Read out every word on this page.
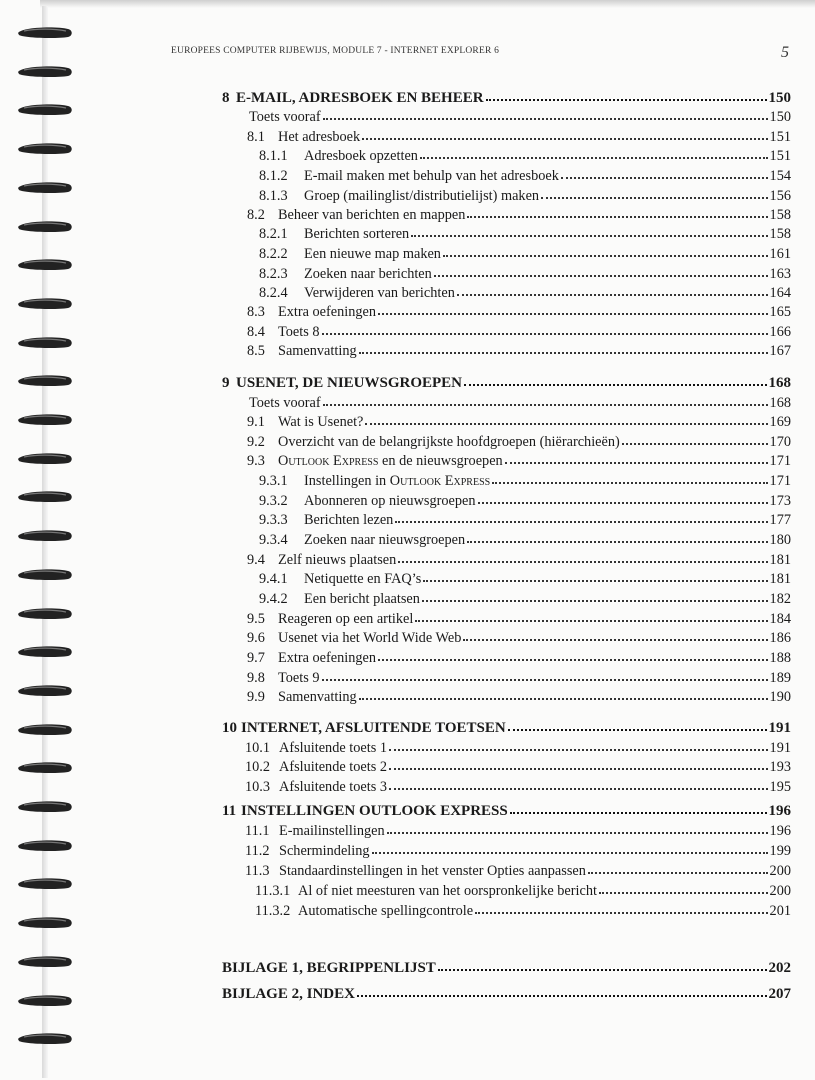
EUROPEES COMPUTER RIJBEWIJS, MODULE 7 - INTERNET EXPLORER 6	5
8 E-MAIL, ADRESBOEK EN BEHEER	150
Toets vooraf	150
8.1 Het adresboek	151
8.1.1	Adresboek opzetten	151
8.1.2	E-mail maken met behulp van het adresboek	154
8.1.3	Groep (mailinglist/distributielijst) maken	156
8.2 Beheer van berichten en mappen	158
8.2.1	Berichten sorteren	158
8.2.2	Een nieuwe map maken	161
8.2.3	Zoeken naar berichten	163
8.2.4	Verwijderen van berichten	164
8.3 Extra oefeningen	165
8.4 Toets 8	166
8.5 Samenvatting	167
9 USENET, DE NIEUWSGROEPEN	168
Toets vooraf	168
9.1 Wat is Usenet?	169
9.2 Overzicht van de belangrijkste hoofdgroepen (hiërarchieën)	170
9.3 Outlook Express en de nieuwsgroepen	171
9.3.1	Instellingen in Outlook Express	171
9.3.2	Abonneren op nieuwsgroepen	173
9.3.3	Berichten lezen	177
9.3.4	Zoeken naar nieuwsgroepen	180
9.4 Zelf nieuws plaatsen	181
9.4.1	Netiquette en FAQ’s	181
9.4.2	Een bericht plaatsen	182
9.5 Reageren op een artikel	184
9.6 Usenet via het World Wide Web	186
9.7 Extra oefeningen	188
9.8 Toets 9	189
9.9 Samenvatting	190
10 INTERNET, AFSLUITENDE TOETSEN	191
10.1 Afsluitende toets 1	191
10.2 Afsluitende toets 2	193
10.3 Afsluitende toets 3	195
11 INSTELLINGEN OUTLOOK EXPRESS	196
11.1 E-mailinstellingen	196
11.2 Schermindeling	199
11.3 Standaardinstellingen in het venster Opties aanpassen	200
11.3.1 Al of niet meesturen van het oorspronkelijke bericht	200
11.3.2 Automatische spellingcontrole	201
BIJLAGE 1, BEGRIPPENLIJST	202
BIJLAGE 2, INDEX	207
